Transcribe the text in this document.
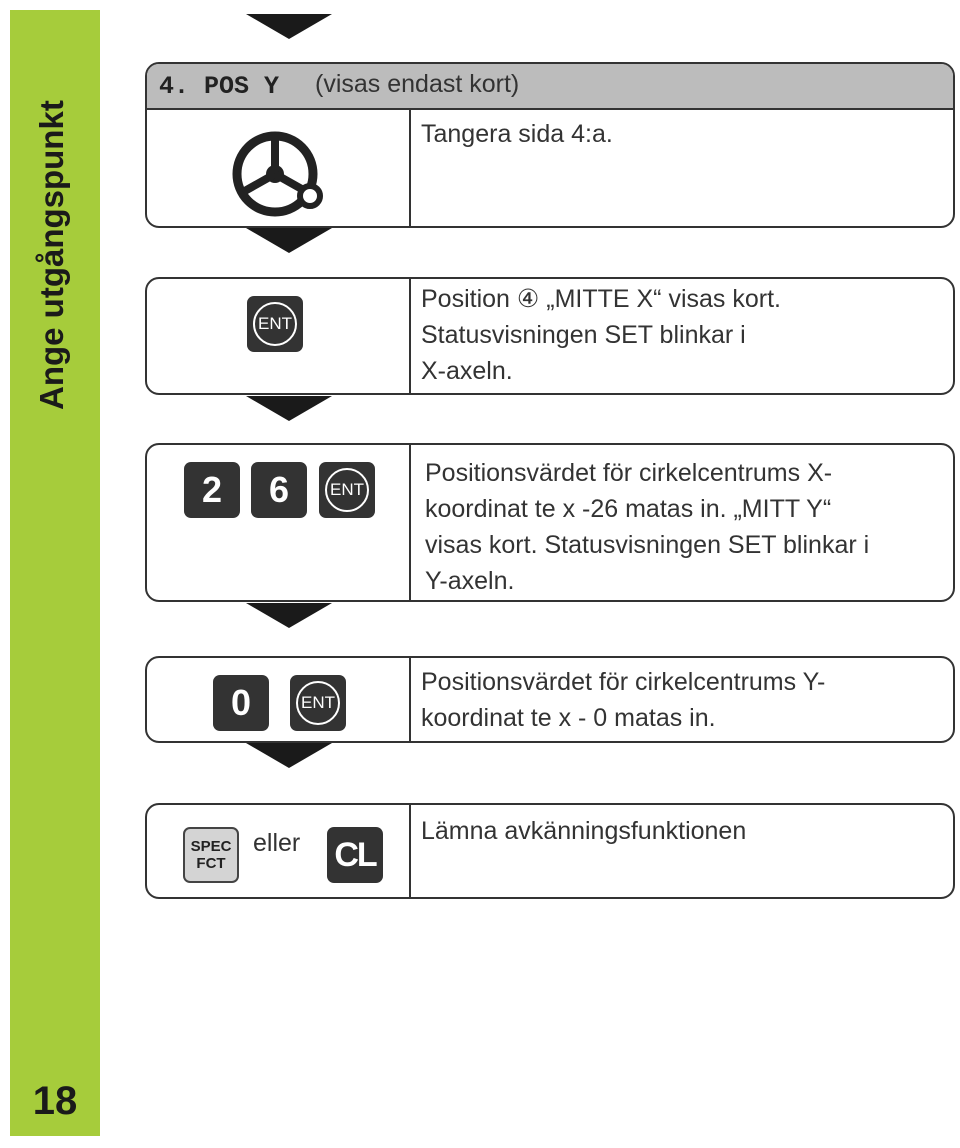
Ange utgångspunkt
18
4. POS Y (visas endast kort)
Tangera sida 4:a.
ENT
Position ④ „MITTE X“ visas kort.
Statusvisningen SET blinkar i
X-axeln.
2	6	ENT
Positionsvärdet för cirkelcentrums X-
koordinat te x -26 matas in. „MITT Y“
visas kort. Statusvisningen SET blinkar i
Y-axeln.
0	ENT
Positionsvärdet för cirkelcentrums Y-
koordinat te x - 0 matas in.
SPEC
FCT
eller CL
Lämna avkänningsfunktionen
